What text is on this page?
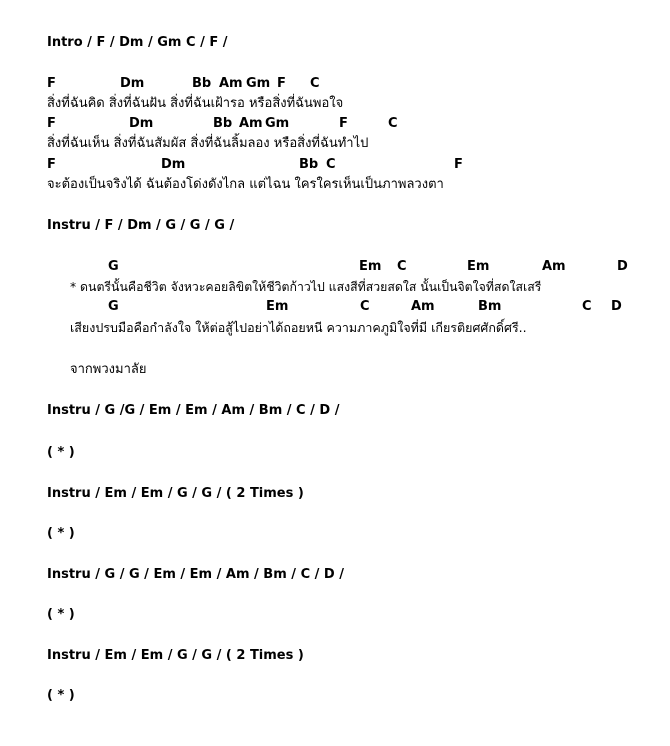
Intro / F / Dm / Gm C / F /
F	Dm	Bb Am Gm F C
สิ่งที่ฉันคิด สิ่งที่ฉันฝัน สิ่งที่ฉันเฝ้ารอ หรือสิ่งที่ฉันพอใจ
F	Dm	Bb Am Gm	F	C
สิ่งที่ฉันเห็น สิ่งที่ฉันสัมผัส สิ่งที่ฉันลิ้มลอง หรือสิ่งที่ฉันทำไป
F	Dm	Bb C	F
จะต้องเป็นจริงได้ ฉันต้องโด่งดังไกล แต่ไฉน ใครใครเห็นเป็นภาพลวงตา
Instru / F / Dm / G / G / G /
G	Em C	Em	Am	D
* ดนตรีนั้นคือชีวิต จังหวะคอยลิขิตให้ชีวิตก้าวไป แสงสีที่สวยสดใส นั้นเป็นจิตใจที่สดใสเสรี
G	Em	C	Am	Bm	C D
เสียงปรบมือคือกำลังใจ ให้ต่อสู้ไปอย่าได้ถอยหนี ความภาคภูมิใจที่มี เกียรติยศศักดิ์ศรี..
จากพวงมาลัย
Instru / G /G / Em / Em / Am / Bm / C / D /
( * )
Instru / Em / Em / G / G / ( 2 Times )
( * )
Instru / G / G / Em / Em / Am / Bm / C / D /
( * )
Instru / Em / Em / G / G / ( 2 Times )
( * )
